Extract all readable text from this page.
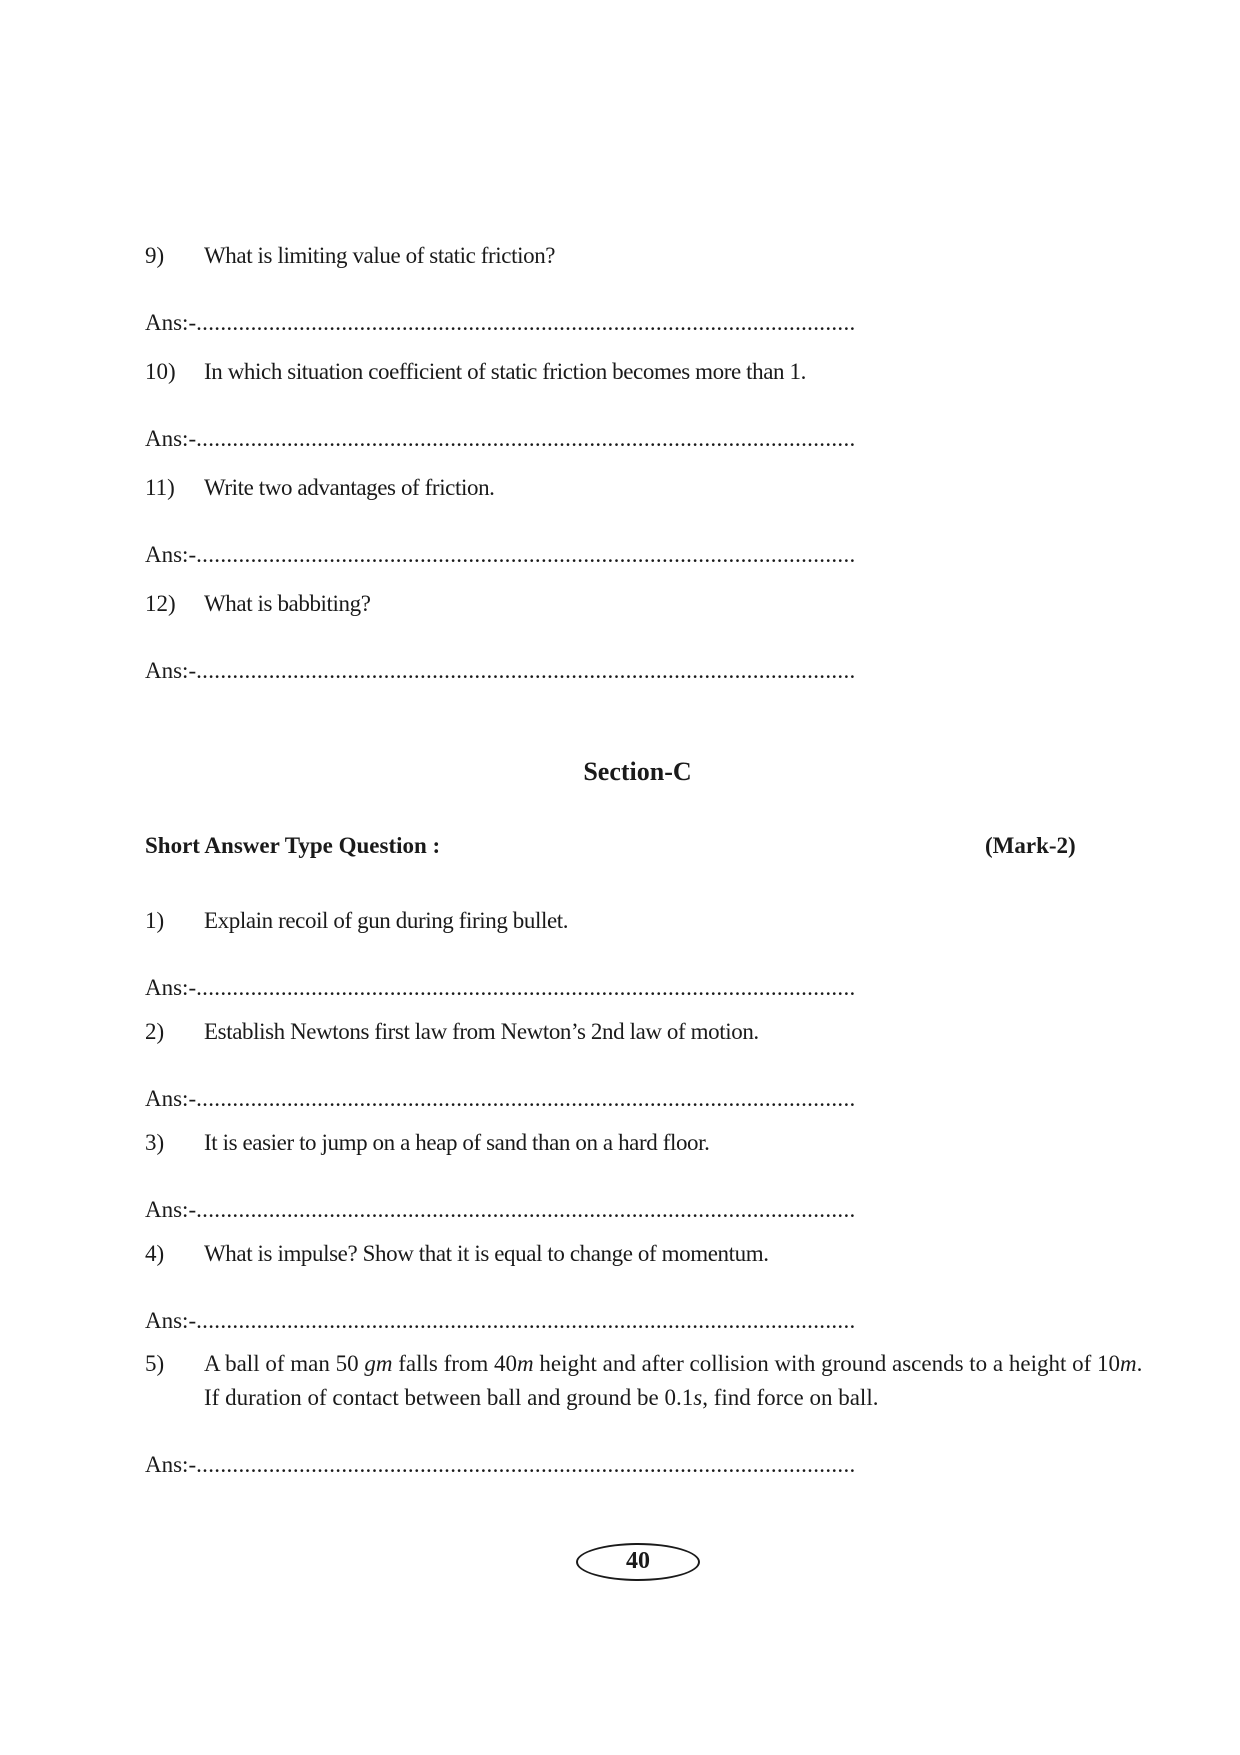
9) What is limiting value of static friction?
Ans:-.............................................................................................................
10) In which situation coefficient of static friction becomes more than 1.
Ans:-.............................................................................................................
11) Write two advantages of friction.
Ans:-.............................................................................................................
12) What is babbiting?
Ans:-.............................................................................................................
Section-C
Short Answer Type Question :	(Mark-2)
1) Explain recoil of gun during firing bullet.
Ans:-.............................................................................................................
2) Establish Newtons first law from Newton’s 2nd law of motion.
Ans:-.............................................................................................................
3) It is easier to jump on a heap of sand than on a hard floor.
Ans:-.............................................................................................................
4) What is impulse? Show that it is equal to change of momentum.
Ans:-.............................................................................................................
5) A ball of man 50 gm falls from 40m height and after collision with ground ascends to a height of 10m. If duration of contact between ball and ground be 0.1s, find force on ball.
Ans:-.............................................................................................................
40
